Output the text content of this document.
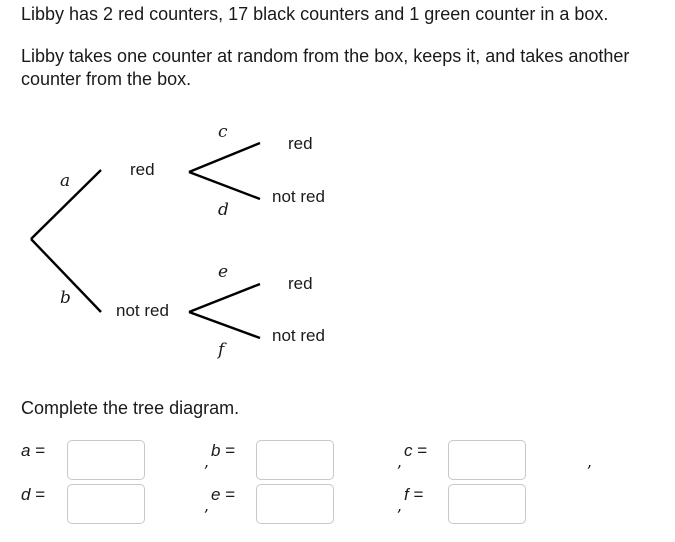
Libby has 2 red counters, 17 black counters and 1 green counter in a box.
Libby takes one counter at random from the box, keeps it, and takes another counter from the box.
a
b
c
d
e
f
red
not red
red
not red
red
not red
Complete the tree diagram.
a =
,
b =
,
c =
,
d =
,
e =
,
f =
